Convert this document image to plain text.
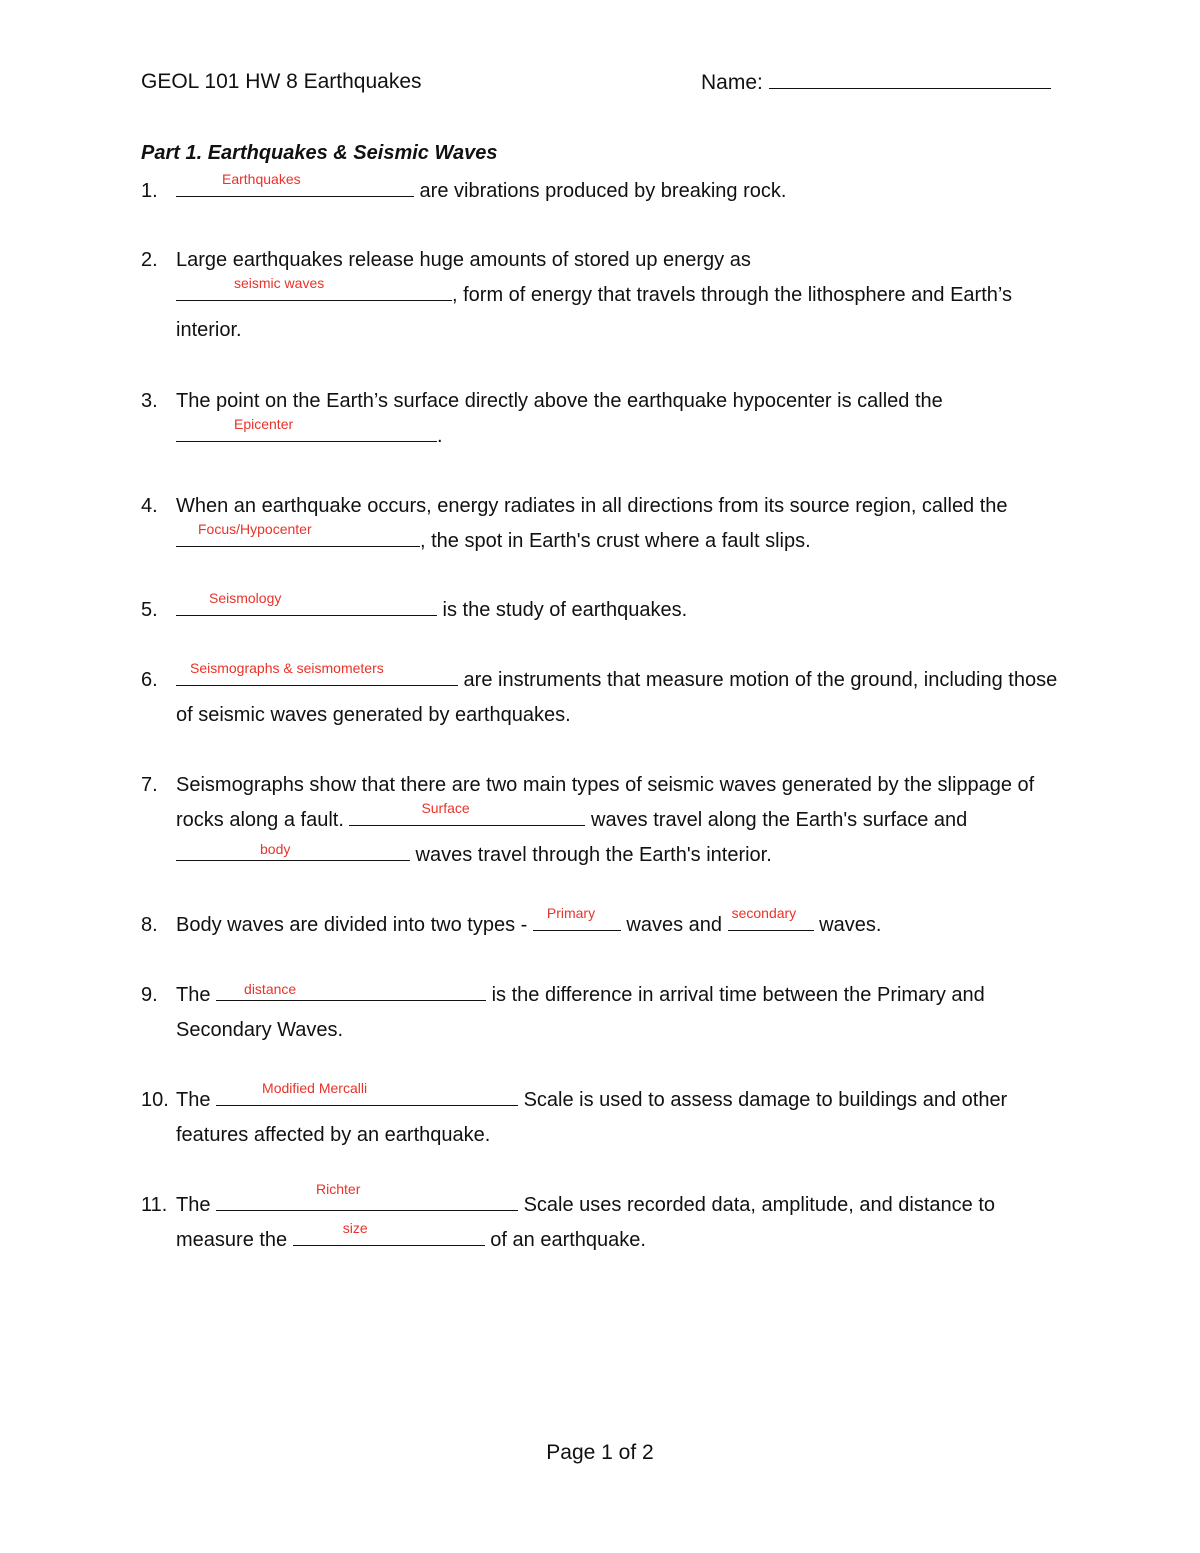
GEOL 101 HW 8 Earthquakes	Name:
Part 1. Earthquakes & Seismic Waves
1.
Earthquakes
are vibrations produced by breaking rock.
2. Large earthquakes release huge amounts of stored up energy as

seismic waves
, form of energy that travels through the lithosphere and Earth’s interior.
3. The point on the Earth’s surface directly above the earthquake hypocenter is called the

Epicenter
.
4. When an earthquake occurs, energy radiates in all directions from its source region, called the
Focus/Hypocenter
, the spot in Earth's crust where a fault slips.
5.
Seismology
is the study of earthquakes.
6.
Seismographs & seismometers
are instruments that measure motion of the ground, including those of seismic waves generated by earthquakes.
7. Seismographs show that there are two main types of seismic waves generated by the slippage of rocks along a fault.
Surface
waves travel along the Earth's surface and
body	waves travel through the Earth's interior.
8. Body waves are divided into two types -
Primary
waves and
secondary
waves.
9. The	distance	is the difference in arrival time between the Primary and Secondary Waves.
10. The
Modified Mercalli
Scale is used to assess damage to buildings and other features affected by an earthquake.
11. The
Richter
Scale uses recorded data, amplitude, and distance to measure the
size
of an earthquake.
Page 1 of 2
